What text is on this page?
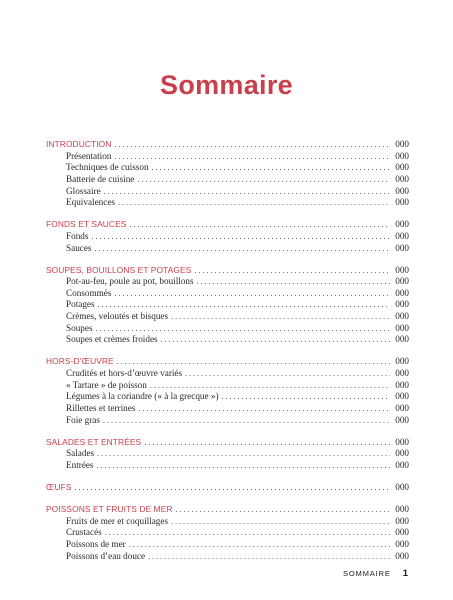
Sommaire
INTRODUCTION . . .	000
Présentation . . .	000
Techniques de cuisson . . .	000
Batterie de cuisine . . .	000
Glossaire . . .	000
Equivalences . . .	000
FONDS ET SAUCES . . .	000
Fonds . . .	000
Sauces . . .	000
SOUPES, BOUILLONS ET POTAGES . . .	000
Pot-au-feu, poule au pot, bouillons . . .	000
Consommés . . .	000
Potages . . .	000
Crèmes, veloutés et bisques . . .	000
Soupes . . .	000
Soupes et crèmes froides . . .	000
HORS-D’ŒUVRE . . .	000
Crudités et hors-d’œuvre variés . . .	000
« Tartare » de poisson . . .	000
Légumes à la coriandre (« à la grecque ») . . .	000
Rillettes et terrines . . .	000
Foie gras . . .	000
SALADES ET ENTRÉES . . .	000
Salades . . .	000
Entrées . . .	000
ŒUFS . . .	000
POISSONS ET FRUITS DE MER . . .	000
Fruits de mer et coquillages . . .	000
Crustacés . . .	000
Poissons de mer . . .	000
Poissons d’eau douce . . .	000
SOMMAIRE 1
